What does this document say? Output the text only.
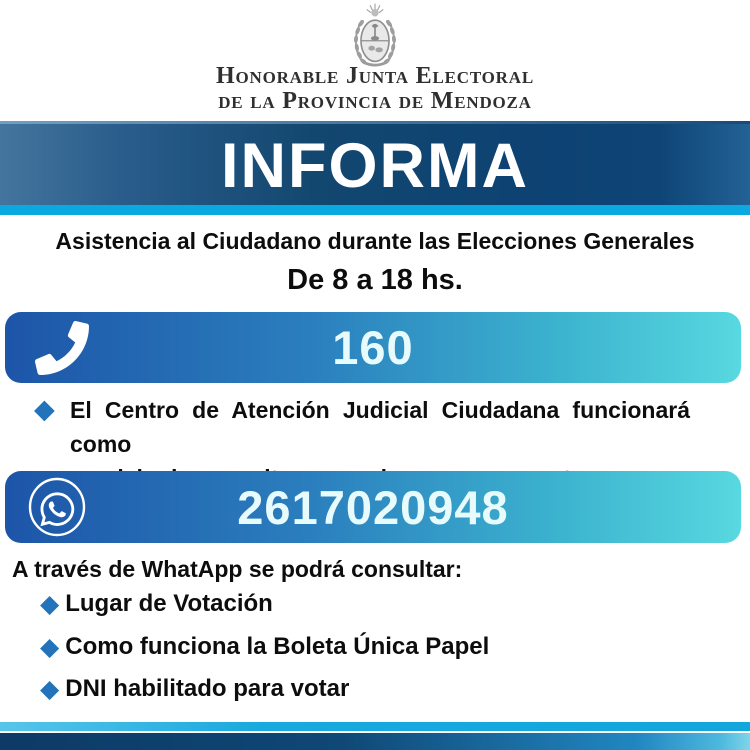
Honorable Junta Electoral
de la Provincia de Mendoza
INFORMA
Asistencia al Ciudadano durante las Elecciones Generales
De 8 a 18 hs.
160
◆ El Centro de Atención Judicial Ciudadana funcionará como
2617020948
A través de WhatApp se podrá consultar:
◆ Lugar de Votación
◆ Como funciona la Boleta Única Papel
◆ DNI habilitado para votar
